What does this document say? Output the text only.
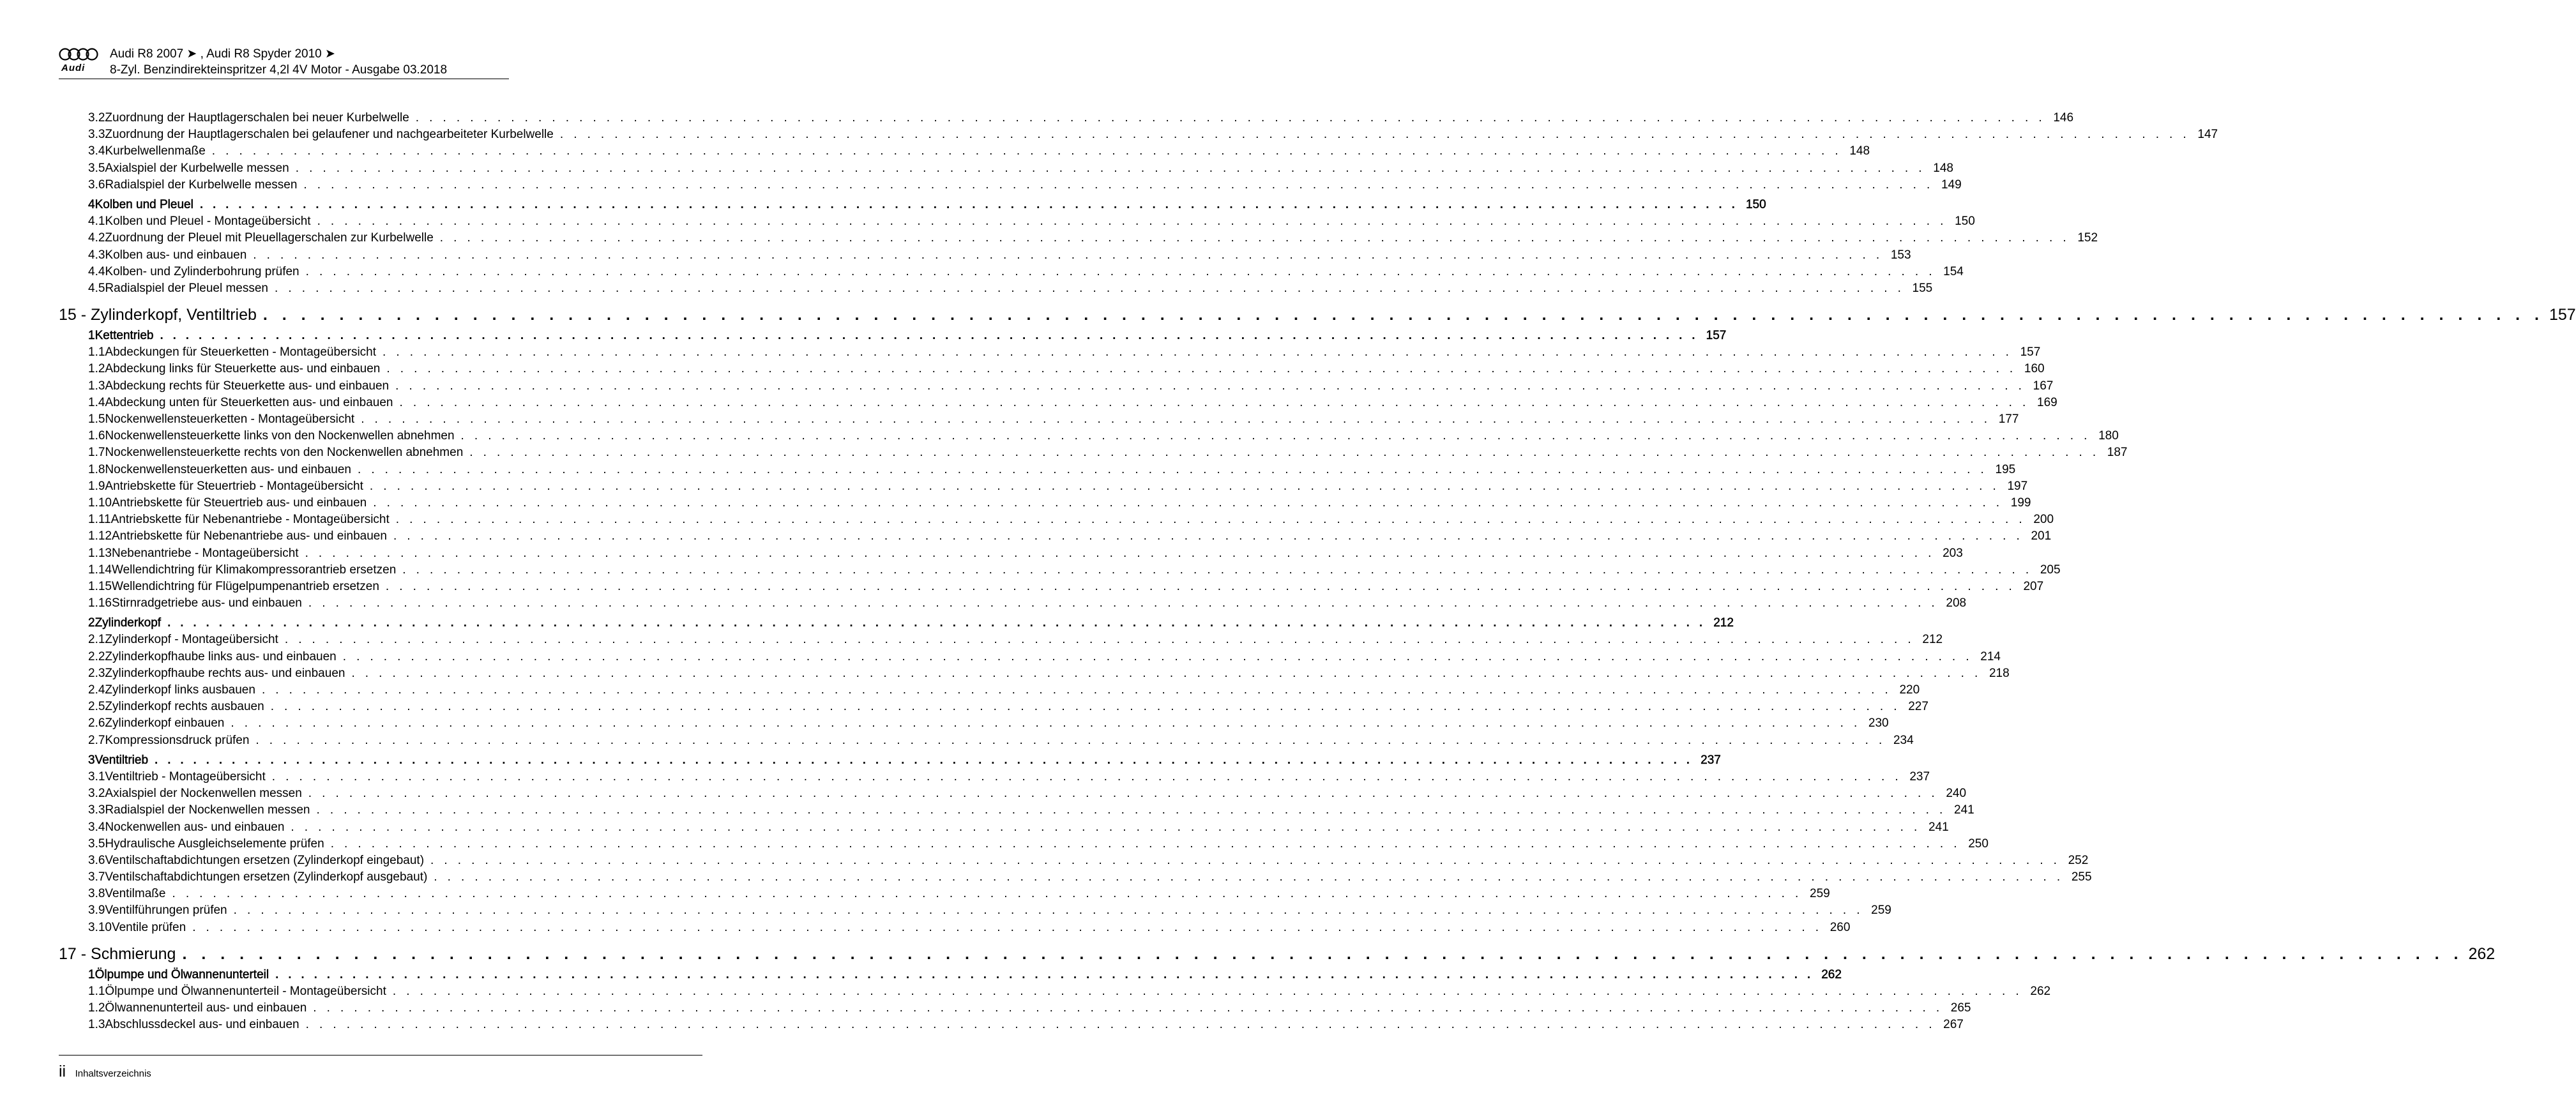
Audi
Audi R8 2007 ➤ , Audi R8 Spyder 2010 ➤
8-Zyl. Benzindirekteinspritzer 4,2l 4V Motor - Ausgabe 03.2018
3.2 Zuordnung der Hauptlagerschalen bei neuer Kurbelwelle . . . . . . . . . . . . . . . . . . . . . . . . . . . . . . . . . . . . . . . . . . . . . . . . . . . . . . . . . . . . . . . . . . . . . . . . . . . . . . . . . . . . . . . . . . . . . . . . . . . . . . . . . . . . . . . . . . . . . . . . 146
3.3 Zuordnung der Hauptlagerschalen bei gelaufener und nachgearbeiteter Kurbelwelle . . . . . . . . . . . . . . . . . . . . . . . . . . . . . . . . . . . . . . . . . . . . . . . . . . . . . . . . . . . . . . . . . . . . . . . . . . . . . . . . . . . . . . . . . . . . . . . . . . . . . . . . . . . . . . . . . . . . . . . . 147
3.4 Kurbelwellenmaße . . . . . . . . . . . . . . . . . . . . . . . . . . . . . . . . . . . . . . . . . . . . . . . . . . . . . . . . . . . . . . . . . . . . . . . . . . . . . . . . . . . . . . . . . . . . . . . . . . . . . . . . . . . . . . . . . . . . . . . . 148
3.5 Axialspiel der Kurbelwelle messen . . . . . . . . . . . . . . . . . . . . . . . . . . . . . . . . . . . . . . . . . . . . . . . . . . . . . . . . . . . . . . . . . . . . . . . . . . . . . . . . . . . . . . . . . . . . . . . . . . . . . . . . . . . . . . . . . . . . . . . . 148
3.6 Radialspiel der Kurbelwelle messen . . . . . . . . . . . . . . . . . . . . . . . . . . . . . . . . . . . . . . . . . . . . . . . . . . . . . . . . . . . . . . . . . . . . . . . . . . . . . . . . . . . . . . . . . . . . . . . . . . . . . . . . . . . . . . . . . . . . . . . . 149
4 Kolben und Pleuel . . . . . . . . . . . . . . . . . . . . . . . . . . . . . . . . . . . . . . . . . . . . . . . . . . . . . . . . . . . . . . . . . . . . . . . . . . . . . . . . . . . . . . . . . . . . . . . . . . . . . . . . . . . . . . . . . . . . . . . . 150
4.1 Kolben und Pleuel - Montageübersicht . . . . . . . . . . . . . . . . . . . . . . . . . . . . . . . . . . . . . . . . . . . . . . . . . . . . . . . . . . . . . . . . . . . . . . . . . . . . . . . . . . . . . . . . . . . . . . . . . . . . . . . . . . . . . . . . . . . . . . . . 150
4.2 Zuordnung der Pleuel mit Pleuellagerschalen zur Kurbelwelle . . . . . . . . . . . . . . . . . . . . . . . . . . . . . . . . . . . . . . . . . . . . . . . . . . . . . . . . . . . . . . . . . . . . . . . . . . . . . . . . . . . . . . . . . . . . . . . . . . . . . . . . . . . . . . . . . . . . . . . . 152
4.3 Kolben aus- und einbauen . . . . . . . . . . . . . . . . . . . . . . . . . . . . . . . . . . . . . . . . . . . . . . . . . . . . . . . . . . . . . . . . . . . . . . . . . . . . . . . . . . . . . . . . . . . . . . . . . . . . . . . . . . . . . . . . . . . . . . . . 153
4.4 Kolben- und Zylinderbohrung prüfen . . . . . . . . . . . . . . . . . . . . . . . . . . . . . . . . . . . . . . . . . . . . . . . . . . . . . . . . . . . . . . . . . . . . . . . . . . . . . . . . . . . . . . . . . . . . . . . . . . . . . . . . . . . . . . . . . . . . . . . . 154
4.5 Radialspiel der Pleuel messen . . . . . . . . . . . . . . . . . . . . . . . . . . . . . . . . . . . . . . . . . . . . . . . . . . . . . . . . . . . . . . . . . . . . . . . . . . . . . . . . . . . . . . . . . . . . . . . . . . . . . . . . . . . . . . . . . . . . . . . . 155
15 - Zylinderkopf, Ventiltrieb . . . . . . . . . . . . . . . . . . . . . . . . . . . . . . . . . . . . . . . . . . . . . . . . . . . . . . . . . . . . . . . . . . . . . . . . . . . . . . . . . . . . . . . . . . . . . . . . . . . . . . . . . . . . . . . . . . . . . . . . 157
1 Kettentrieb . . . . . . . . . . . . . . . . . . . . . . . . . . . . . . . . . . . . . . . . . . . . . . . . . . . . . . . . . . . . . . . . . . . . . . . . . . . . . . . . . . . . . . . . . . . . . . . . . . . . . . . . . . . . . . . . . . . . . . . . 157
1.1 Abdeckungen für Steuerketten - Montageübersicht . . . . . . . . . . . . . . . . . . . . . . . . . . . . . . . . . . . . . . . . . . . . . . . . . . . . . . . . . . . . . . . . . . . . . . . . . . . . . . . . . . . . . . . . . . . . . . . . . . . . . . . . . . . . . . . . . . . . . . . . 157
1.2 Abdeckung links für Steuerkette aus- und einbauen . . . . . . . . . . . . . . . . . . . . . . . . . . . . . . . . . . . . . . . . . . . . . . . . . . . . . . . . . . . . . . . . . . . . . . . . . . . . . . . . . . . . . . . . . . . . . . . . . . . . . . . . . . . . . . . . . . . . . . . . 160
1.3 Abdeckung rechts für Steuerkette aus- und einbauen . . . . . . . . . . . . . . . . . . . . . . . . . . . . . . . . . . . . . . . . . . . . . . . . . . . . . . . . . . . . . . . . . . . . . . . . . . . . . . . . . . . . . . . . . . . . . . . . . . . . . . . . . . . . . . . . . . . . . . . . 167
1.4 Abdeckung unten für Steuerketten aus- und einbauen . . . . . . . . . . . . . . . . . . . . . . . . . . . . . . . . . . . . . . . . . . . . . . . . . . . . . . . . . . . . . . . . . . . . . . . . . . . . . . . . . . . . . . . . . . . . . . . . . . . . . . . . . . . . . . . . . . . . . . . . 169
1.5 Nockenwellensteuerketten - Montageübersicht . . . . . . . . . . . . . . . . . . . . . . . . . . . . . . . . . . . . . . . . . . . . . . . . . . . . . . . . . . . . . . . . . . . . . . . . . . . . . . . . . . . . . . . . . . . . . . . . . . . . . . . . . . . . . . . . . . . . . . . . 177
1.6 Nockenwellensteuerkette links von den Nockenwellen abnehmen . . . . . . . . . . . . . . . . . . . . . . . . . . . . . . . . . . . . . . . . . . . . . . . . . . . . . . . . . . . . . . . . . . . . . . . . . . . . . . . . . . . . . . . . . . . . . . . . . . . . . . . . . . . . . . . . . . . . . . . . 180
1.7 Nockenwellensteuerkette rechts von den Nockenwellen abnehmen . . . . . . . . . . . . . . . . . . . . . . . . . . . . . . . . . . . . . . . . . . . . . . . . . . . . . . . . . . . . . . . . . . . . . . . . . . . . . . . . . . . . . . . . . . . . . . . . . . . . . . . . . . . . . . . . . . . . . . . . 187
1.8 Nockenwellensteuerketten aus- und einbauen . . . . . . . . . . . . . . . . . . . . . . . . . . . . . . . . . . . . . . . . . . . . . . . . . . . . . . . . . . . . . . . . . . . . . . . . . . . . . . . . . . . . . . . . . . . . . . . . . . . . . . . . . . . . . . . . . . . . . . . . 195
1.9 Antriebskette für Steuertrieb - Montageübersicht . . . . . . . . . . . . . . . . . . . . . . . . . . . . . . . . . . . . . . . . . . . . . . . . . . . . . . . . . . . . . . . . . . . . . . . . . . . . . . . . . . . . . . . . . . . . . . . . . . . . . . . . . . . . . . . . . . . . . . . . 197
1.10 Antriebskette für Steuertrieb aus- und einbauen . . . . . . . . . . . . . . . . . . . . . . . . . . . . . . . . . . . . . . . . . . . . . . . . . . . . . . . . . . . . . . . . . . . . . . . . . . . . . . . . . . . . . . . . . . . . . . . . . . . . . . . . . . . . . . . . . . . . . . . . 199
1.11 Antriebskette für Nebenantriebe - Montageübersicht . . . . . . . . . . . . . . . . . . . . . . . . . . . . . . . . . . . . . . . . . . . . . . . . . . . . . . . . . . . . . . . . . . . . . . . . . . . . . . . . . . . . . . . . . . . . . . . . . . . . . . . . . . . . . . . . . . . . . . . . 200
1.12 Antriebskette für Nebenantriebe aus- und einbauen . . . . . . . . . . . . . . . . . . . . . . . . . . . . . . . . . . . . . . . . . . . . . . . . . . . . . . . . . . . . . . . . . . . . . . . . . . . . . . . . . . . . . . . . . . . . . . . . . . . . . . . . . . . . . . . . . . . . . . . . 201
1.13 Nebenantriebe - Montageübersicht . . . . . . . . . . . . . . . . . . . . . . . . . . . . . . . . . . . . . . . . . . . . . . . . . . . . . . . . . . . . . . . . . . . . . . . . . . . . . . . . . . . . . . . . . . . . . . . . . . . . . . . . . . . . . . . . . . . . . . . . 203
1.14 Wellendichtring für Klimakompressorantrieb ersetzen . . . . . . . . . . . . . . . . . . . . . . . . . . . . . . . . . . . . . . . . . . . . . . . . . . . . . . . . . . . . . . . . . . . . . . . . . . . . . . . . . . . . . . . . . . . . . . . . . . . . . . . . . . . . . . . . . . . . . . . . 205
1.15 Wellendichtring für Flügelpumpenantrieb ersetzen . . . . . . . . . . . . . . . . . . . . . . . . . . . . . . . . . . . . . . . . . . . . . . . . . . . . . . . . . . . . . . . . . . . . . . . . . . . . . . . . . . . . . . . . . . . . . . . . . . . . . . . . . . . . . . . . . . . . . . . . 207
1.16 Stirnradgetriebe aus- und einbauen . . . . . . . . . . . . . . . . . . . . . . . . . . . . . . . . . . . . . . . . . . . . . . . . . . . . . . . . . . . . . . . . . . . . . . . . . . . . . . . . . . . . . . . . . . . . . . . . . . . . . . . . . . . . . . . . . . . . . . . . 208
2 Zylinderkopf . . . . . . . . . . . . . . . . . . . . . . . . . . . . . . . . . . . . . . . . . . . . . . . . . . . . . . . . . . . . . . . . . . . . . . . . . . . . . . . . . . . . . . . . . . . . . . . . . . . . . . . . . . . . . . . . . . . . . . . . 212
2.1 Zylinderkopf - Montageübersicht . . . . . . . . . . . . . . . . . . . . . . . . . . . . . . . . . . . . . . . . . . . . . . . . . . . . . . . . . . . . . . . . . . . . . . . . . . . . . . . . . . . . . . . . . . . . . . . . . . . . . . . . . . . . . . . . . . . . . . . . 212
2.2 Zylinderkopfhaube links aus- und einbauen . . . . . . . . . . . . . . . . . . . . . . . . . . . . . . . . . . . . . . . . . . . . . . . . . . . . . . . . . . . . . . . . . . . . . . . . . . . . . . . . . . . . . . . . . . . . . . . . . . . . . . . . . . . . . . . . . . . . . . . . 214
2.3 Zylinderkopfhaube rechts aus- und einbauen . . . . . . . . . . . . . . . . . . . . . . . . . . . . . . . . . . . . . . . . . . . . . . . . . . . . . . . . . . . . . . . . . . . . . . . . . . . . . . . . . . . . . . . . . . . . . . . . . . . . . . . . . . . . . . . . . . . . . . . . 218
2.4 Zylinderkopf links ausbauen . . . . . . . . . . . . . . . . . . . . . . . . . . . . . . . . . . . . . . . . . . . . . . . . . . . . . . . . . . . . . . . . . . . . . . . . . . . . . . . . . . . . . . . . . . . . . . . . . . . . . . . . . . . . . . . . . . . . . . . . 220
2.5 Zylinderkopf rechts ausbauen . . . . . . . . . . . . . . . . . . . . . . . . . . . . . . . . . . . . . . . . . . . . . . . . . . . . . . . . . . . . . . . . . . . . . . . . . . . . . . . . . . . . . . . . . . . . . . . . . . . . . . . . . . . . . . . . . . . . . . . . 227
2.6 Zylinderkopf einbauen . . . . . . . . . . . . . . . . . . . . . . . . . . . . . . . . . . . . . . . . . . . . . . . . . . . . . . . . . . . . . . . . . . . . . . . . . . . . . . . . . . . . . . . . . . . . . . . . . . . . . . . . . . . . . . . . . . . . . . . . 230
2.7 Kompressionsdruck prüfen . . . . . . . . . . . . . . . . . . . . . . . . . . . . . . . . . . . . . . . . . . . . . . . . . . . . . . . . . . . . . . . . . . . . . . . . . . . . . . . . . . . . . . . . . . . . . . . . . . . . . . . . . . . . . . . . . . . . . . . . 234
3 Ventiltrieb . . . . . . . . . . . . . . . . . . . . . . . . . . . . . . . . . . . . . . . . . . . . . . . . . . . . . . . . . . . . . . . . . . . . . . . . . . . . . . . . . . . . . . . . . . . . . . . . . . . . . . . . . . . . . . . . . . . . . . . . 237
3.1 Ventiltrieb - Montageübersicht . . . . . . . . . . . . . . . . . . . . . . . . . . . . . . . . . . . . . . . . . . . . . . . . . . . . . . . . . . . . . . . . . . . . . . . . . . . . . . . . . . . . . . . . . . . . . . . . . . . . . . . . . . . . . . . . . . . . . . . . 237
3.2 Axialspiel der Nockenwellen messen . . . . . . . . . . . . . . . . . . . . . . . . . . . . . . . . . . . . . . . . . . . . . . . . . . . . . . . . . . . . . . . . . . . . . . . . . . . . . . . . . . . . . . . . . . . . . . . . . . . . . . . . . . . . . . . . . . . . . . . . 240
3.3 Radialspiel der Nockenwellen messen . . . . . . . . . . . . . . . . . . . . . . . . . . . . . . . . . . . . . . . . . . . . . . . . . . . . . . . . . . . . . . . . . . . . . . . . . . . . . . . . . . . . . . . . . . . . . . . . . . . . . . . . . . . . . . . . . . . . . . . . 241
3.4 Nockenwellen aus- und einbauen . . . . . . . . . . . . . . . . . . . . . . . . . . . . . . . . . . . . . . . . . . . . . . . . . . . . . . . . . . . . . . . . . . . . . . . . . . . . . . . . . . . . . . . . . . . . . . . . . . . . . . . . . . . . . . . . . . . . . . . . 241
3.5 Hydraulische Ausgleichselemente prüfen . . . . . . . . . . . . . . . . . . . . . . . . . . . . . . . . . . . . . . . . . . . . . . . . . . . . . . . . . . . . . . . . . . . . . . . . . . . . . . . . . . . . . . . . . . . . . . . . . . . . . . . . . . . . . . . . . . . . . . . . 250
3.6 Ventilschaftabdichtungen ersetzen (Zylinderkopf eingebaut) . . . . . . . . . . . . . . . . . . . . . . . . . . . . . . . . . . . . . . . . . . . . . . . . . . . . . . . . . . . . . . . . . . . . . . . . . . . . . . . . . . . . . . . . . . . . . . . . . . . . . . . . . . . . . . . . . . . . . . . . 252
3.7 Ventilschaftabdichtungen ersetzen (Zylinderkopf ausgebaut) . . . . . . . . . . . . . . . . . . . . . . . . . . . . . . . . . . . . . . . . . . . . . . . . . . . . . . . . . . . . . . . . . . . . . . . . . . . . . . . . . . . . . . . . . . . . . . . . . . . . . . . . . . . . . . . . . . . . . . . . 255
3.8 Ventilmaße . . . . . . . . . . . . . . . . . . . . . . . . . . . . . . . . . . . . . . . . . . . . . . . . . . . . . . . . . . . . . . . . . . . . . . . . . . . . . . . . . . . . . . . . . . . . . . . . . . . . . . . . . . . . . . . . . . . . . . . . 259
3.9 Ventilführungen prüfen . . . . . . . . . . . . . . . . . . . . . . . . . . . . . . . . . . . . . . . . . . . . . . . . . . . . . . . . . . . . . . . . . . . . . . . . . . . . . . . . . . . . . . . . . . . . . . . . . . . . . . . . . . . . . . . . . . . . . . . . 259
3.10 Ventile prüfen . . . . . . . . . . . . . . . . . . . . . . . . . . . . . . . . . . . . . . . . . . . . . . . . . . . . . . . . . . . . . . . . . . . . . . . . . . . . . . . . . . . . . . . . . . . . . . . . . . . . . . . . . . . . . . . . . . . . . . . . 260
17 - Schmierung . . . . . . . . . . . . . . . . . . . . . . . . . . . . . . . . . . . . . . . . . . . . . . . . . . . . . . . . . . . . . . . . . . . . . . . . . . . . . . . . . . . . . . . . . . . . . . . . . . . . . . . . . . . . . . . . . . . . . . . . 262
1 Ölpumpe und Ölwannenunterteil . . . . . . . . . . . . . . . . . . . . . . . . . . . . . . . . . . . . . . . . . . . . . . . . . . . . . . . . . . . . . . . . . . . . . . . . . . . . . . . . . . . . . . . . . . . . . . . . . . . . . . . . . . . . . . . . . . . . . . . . 262
1.1 Ölpumpe und Ölwannenunterteil - Montageübersicht . . . . . . . . . . . . . . . . . . . . . . . . . . . . . . . . . . . . . . . . . . . . . . . . . . . . . . . . . . . . . . . . . . . . . . . . . . . . . . . . . . . . . . . . . . . . . . . . . . . . . . . . . . . . . . . . . . . . . . . . 262
1.2 Ölwannenunterteil aus- und einbauen . . . . . . . . . . . . . . . . . . . . . . . . . . . . . . . . . . . . . . . . . . . . . . . . . . . . . . . . . . . . . . . . . . . . . . . . . . . . . . . . . . . . . . . . . . . . . . . . . . . . . . . . . . . . . . . . . . . . . . . . 265
1.3 Abschlussdeckel aus- und einbauen . . . . . . . . . . . . . . . . . . . . . . . . . . . . . . . . . . . . . . . . . . . . . . . . . . . . . . . . . . . . . . . . . . . . . . . . . . . . . . . . . . . . . . . . . . . . . . . . . . . . . . . . . . . . . . . . . . . . . . . . 267
ii Inhaltsverzeichnis
